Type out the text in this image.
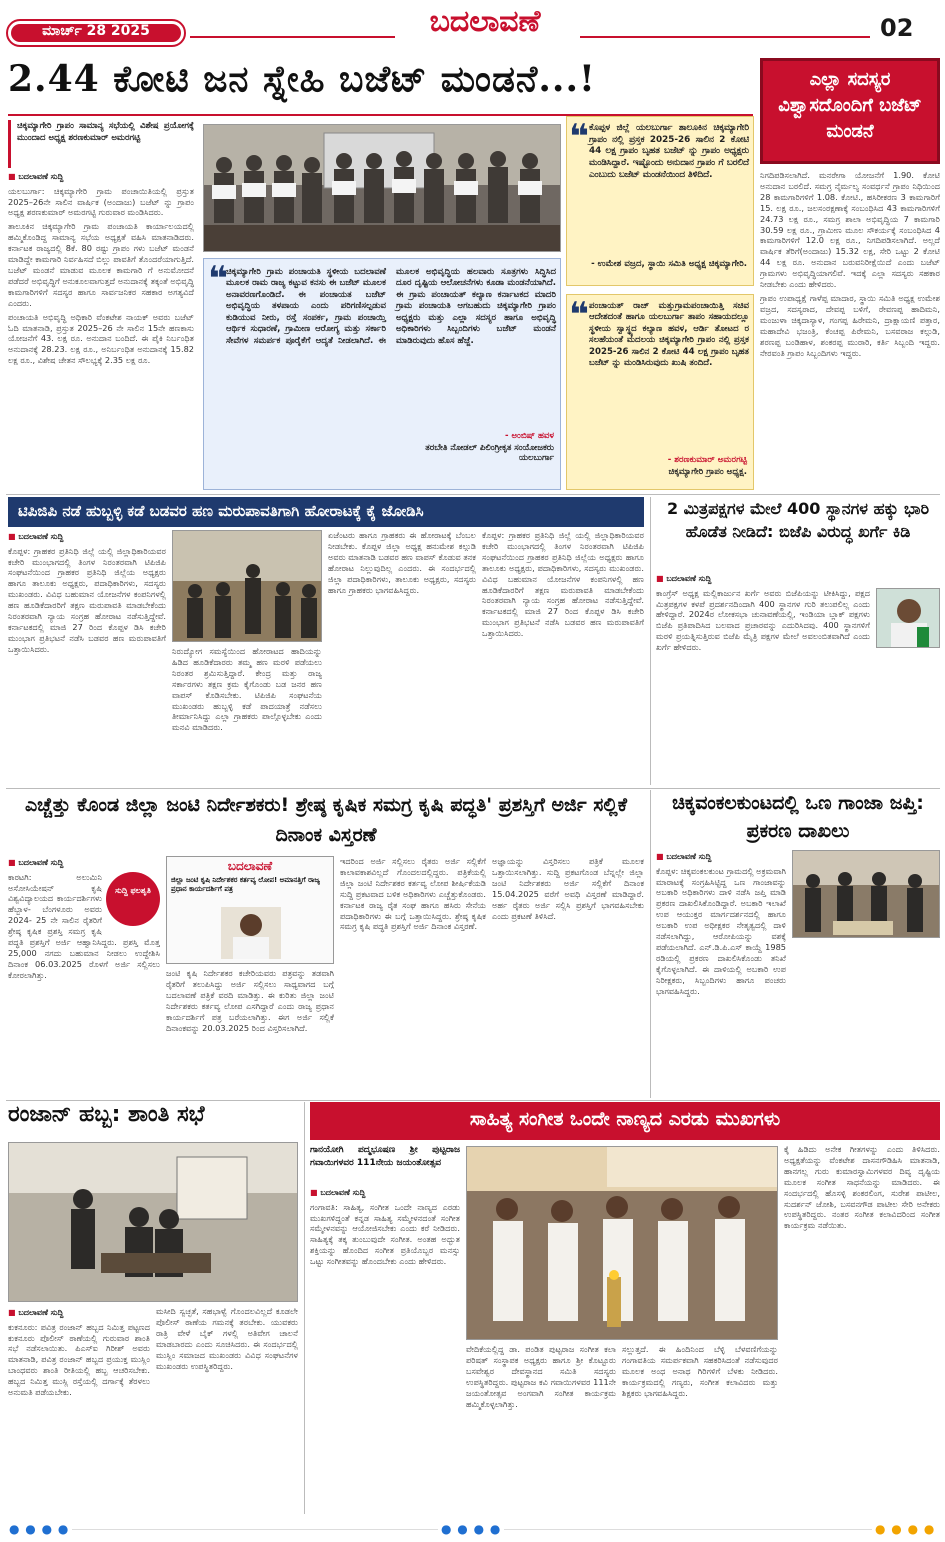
ಮಾರ್ಚ್ 28 2025	ಬದಲಾವಣೆ	02
2.44 ಕೋಟಿ ಜನ ಸ್ನೇಹಿ ಬಜೆಟ್ ಮಂಡನೆ...!	ಎಲ್ಲಾ ಸದಸ್ಯರ ವಿಶ್ವಾಸದೊಂದಿಗೆ ಬಜೆಟ್ ಮಂಡನೆ
ಚಿಕ್ಕಮ್ಯಾಗೇರಿ ಗ್ರಾಪಂ ಸಾಮಾನ್ಯ ಸಭೆಯಲ್ಲಿ ವಿಶೇಷ ಪ್ರಯೋಗಕ್ಕೆ ಮುಂದಾದ ಅಧ್ಯಕ್ಷ ಶರಣಕುಮಾರ್ ಅಮರಗಟ್ಟಿ
■ ಬದಲಾವಣೆ ಸುದ್ದಿ

ಯಲಬುರ್ಗಾ: ಚಿಕ್ಕಮ್ಯಾಗೇರಿ ಗ್ರಾಮ ಪಂಚಾಯಿತಿಯಲ್ಲಿ ಪ್ರಸ್ತುತ 2025–26ನೇ ಸಾಲಿನ ವಾರ್ಷಿಕ (ಅಂದಾಜು) ಬಜೆಟ್ ನ್ನು ಗ್ರಾಪಂ ಅಧ್ಯಕ್ಷ ಶರಣಕುಮಾರ್ ಅಮರಗಟ್ಟಿ ಗುರುವಾರ ಮಂಡಿಸಿದರು.

ತಾಲೂಕಿನ ಚಿಕ್ಕಮ್ಯಾಗೇರಿ ಗ್ರಾಮ ಪಂಚಾಯತಿ ಕಾರ್ಯಾಲಯದಲ್ಲಿ ಹಮ್ಮಿಕೊಂಡಿದ್ದ ಸಾಮಾನ್ಯ ಸಭೆಯ ಅಧ್ಯಕ್ಷತೆ ವಹಿಸಿ ಮಾತನಾಡಿದರು. ಕರ್ನಾಟಕ ರಾಜ್ಯದಲ್ಲಿ 8ಕೆ. 80 ರಷ್ಟು ಗ್ರಾಪಂ ಗಳು ಬಜೆಟ್ ಮಂಡನೆ ಮಾಡಿದ್ದೇ ಕಾಮಗಾರಿ ನಿರ್ವಹಿಸದೆ ಬಿಲ್ಲು ಪಾವತಿಗೆ ತೊಂದರೆಯಾಗುತ್ತಿದೆ. ಬಜೆಟ್ ಮಂಡನೆ ಮಾಡುವ ಮೂಲಕ ಕಾಮಗಾರಿ ಗೆ ಅನುಮೋದನೆ ಪಡೆದರೆ ಅಭಿವೃದ್ಧಿಗೆ ಅನುಕೂಲವಾಗುತ್ತದೆ ಅನುದಾನಕ್ಕೆ ತಕ್ಕಂತೆ ಅಭಿವೃದ್ಧಿ ಕಾಮಗಾರಿಗಳಿಗೆ ಸದಸ್ಯರ ಹಾಗೂ ಸಾರ್ವಜನಿಕರ ಸಹಕಾರ ಅಗತ್ಯವಿದೆ ಎಂದರು.

ಪಂಚಾಯತಿ ಅಭಿವೃದ್ಧಿ ಅಧಿಕಾರಿ ವೆಂಕಟೇಶ ನಾಯಕ್ ಅವರು ಬಜೆಟ್ ಓದಿ ಮಾತನಾಡಿ, ಪ್ರಸ್ತುತ 2025–26 ನೇ ಸಾಲಿನ 15ನೇ ಹಣಕಾಸು ಯೋಜನೆಗೆ 43. ಲಕ್ಷ ರೂ. ಅನುದಾನ ಬಂದಿದೆ. ಈ ಪೈಕಿ ನಿರ್ಬಂಧಿತ ಅನುದಾನಕ್ಕೆ 28.23. ಲಕ್ಷ ರೂ., ಅನಿರ್ಬಂಧಿತ ಅನುದಾನಕ್ಕೆ 15.82 ಲಕ್ಷ ರೂ., ವಿಶೇಷ ಚೇತನ ಸೌಲಭ್ಯಕ್ಕೆ 2.35 ಲಕ್ಷ ರೂ.

❝
ಚಿಕ್ಕಮ್ಯಾಗೇರಿ ಗ್ರಾಮ ಪಂಚಾಯತಿ ಸ್ಥಳೀಯ ಬದಲಾವಣೆ ಮೂಲಕ ರಾಮ ರಾಜ್ಯ ಕಟ್ಟುವ ಕನಸು ಈ ಬಜೆಟ್ ಮೂಲಕ ಅನಾವರಣಗೊಂಡಿದೆ. ಈ ಪಂಚಾಯತ ಬಜೆಟ್ ಅಭಿವೃದ್ಧಿಯ ತಳಪಾಯ ಎಂದು ಪರಿಗಣಿಸಲ್ಪಡುವ ಕುಡಿಯುವ ನೀರು, ರಸ್ತೆ ಸಂಪರ್ಕ, ಗ್ರಾಮ ಪಂಚಾಯ್ತಿ ಆರ್ಥಿಕ ಸುಧಾರಣೆ, ಗ್ರಾಮೀಣ ಆರೋಗ್ಯ ಮತ್ತು ಸರ್ಕಾರಿ ಸೇವೆಗಳ ಸಮರ್ಪಕ ಪೂರೈಕೆಗೆ ಆದ್ಯತೆ ನೀಡಲಾಗಿದೆ. ಈ ಮೂಲಕ ಅಭಿವೃದ್ಧಿಯ ಹಲವಾರು ಸೂತ್ರಗಳು ಸಿದ್ಧಿಸಿದ ದೂರ ದೃಷ್ಟಿಯ ಆಲೋಚನೆಗಳು ಕೂಡಾ ಮಂಡನೆಯಾಗಿದೆ. ಈ ಗ್ರಾಮ ಪಂಚಾಯತ್ ಕಲ್ಯಾಣ ಕರ್ನಾಟಕದ ಮಾದರಿ ಗ್ರಾಮ ಪಂಚಾಯತಿ ಆಗಬಹುದು ಚಿಕ್ಕಮ್ಯಾಗೇರಿ ಗ್ರಾಪಂ ಅಧ್ಯಕ್ಷರು ಮತ್ತು ಎಲ್ಲಾ ಸದಸ್ಯರ ಹಾಗೂ ಅಭಿವೃದ್ಧಿ ಅಧಿಕಾರಿಗಳು ಸಿಬ್ಬಂದಿಗಳು ಬಜೆಟ್ ಮಂಡನೆ ಮಾಡಿರುವುದು ಹೊಸ ಹೆಜ್ಜೆ.
- ಅಂಬಿಷ್ ಹವಳ
ತರಬೇತಿ ನೋಡಲ್ ಪಿಲಿಂಗ್ರೀಕೃತ ಸಂಯೋಜಕರು ಯಲಬುರ್ಗಾ
❝ ಕೊಪ್ಪಳ ಜಿಲ್ಲೆ ಯಲಬುರ್ಗಾ ತಾಲೂಕಿನ ಚಿಕ್ಕಮ್ಯಾಗೇರಿ ಗ್ರಾಪಂ ನಲ್ಲಿ ಪ್ರಸ್ತಕ 2025-26 ಸಾಲಿನ 2 ಕೋಟಿ 44 ಲಕ್ಷ ಗ್ರಾಪಂ ಬೃಹತ ಬಜೆಟ್ ನ್ನು ಗ್ರಾಪಂ ಅಧ್ಯಕ್ಷರು ಮಂಡಿಸಿದ್ದಾರೆ. ಇಷ್ಟೊಂದು ಅನುದಾನ ಗ್ರಾಪಂ ಗೆ ಬರಲಿದೆ ಎಂಬುದು ಬಜೆಟ್ ಮಂಡನೆಯಿಂದ ತಿಳಿದಿದೆ.
- ಉಮೇಶ ವಜ್ರದ, ಸ್ಥಾಯಿ ಸಮಿತಿ ಅಧ್ಯಕ್ಷ ಚಿಕ್ಕಮ್ಯಾಗೇರಿ.
❝ ಪಂಚಾಯತ್ ರಾಜ್ ಮತ್ತುಗ್ರಾಮಪಂಚಾಯಿತ್ತಿ ಸಚಿವ ಆದೇಶದಂತೆ ಹಾಗೂ ಯಲಬುರ್ಗಾ ತಾಪಂ ಸಹಾಯದಲ್ಲೂ ಸ್ಥಳೀಯ ಸ್ವಾಸ್ಥ್ಯದ ಕಲ್ಯಾಣ ಹವಳ, ಆರ್ಡಿ ತೋಟದ ರ ಸಲಹೆಯಂತೆ ಮದಲಯ ಚಿಕ್ಕಮ್ಯಾಗೇರಿ ಗ್ರಾಪಂ ನಲ್ಲಿ ಪ್ರಸ್ತಕ 2025-26 ಸಾಲಿನ 2 ಕೋಟಿ 44 ಲಕ್ಷ ಗ್ರಾಪಂ ಬೃಹತ ಬಜೆಟ್ ನ್ನು ಮಂಡಿಸಿರುವುದು ಖುಷಿ ತಂದಿದೆ.
- ಶರಣಕುಮಾರ್ ಅಮರಗಟ್ಟಿ
ಚಿಕ್ಕಮ್ಯಾಗೇರಿ ಗ್ರಾಪಂ ಅಧ್ಯಕ್ಷ.

ನಿಗದಿಪಡಿಸಲಾಗಿದೆ. ಮನರೇಗಾ ಯೋಜನೆಗೆ 1.90. ಕೋಟಿ ಅನುದಾನ ಬರಲಿದೆ. ಸಮಗ್ರ ನೈರ್ಮಲ್ಯ ಸಂವರ್ಧನೆ ಗ್ರಾಪಂ ನಿಧಿಯಿಂದ 28 ಕಾಮಗಾರಿಗಳಿಗೆ 1.08. ಕೋಟಿ., ಹಸಿರೀಕರಣ 3 ಕಾಮಗಾರಿಗೆ 15. ಲಕ್ಷ ರೂ., ಜಲಸಂರಕ್ಷಣಾಕ್ಕೆ ಸಂಬಂಧಿಸಿದ 43 ಕಾಮಗಾರಿಗಳಿಗೆ 24.73 ಲಕ್ಷ ರೂ., ಸಮಗ್ರ ಶಾಲಾ ಅಭಿವೃದ್ಧಿಯ 7 ಕಾಮಗಾರಿ 30.59 ಲಕ್ಷ ರೂ., ಗ್ರಾಮೀಣ ಮೂಲ ಸೌಕರ್ಯಕ್ಕೆ ಸಂಬಂಧಿಸಿದ 4 ಕಾಮಗಾರಿಗಳಿಗೆ 12.0 ಲಕ್ಷ ರೂ., ನಿಗದಿಪಡಿಸಲಾಗಿದೆ. ಅಲ್ಲದೆ ವಾರ್ಷಿಕ ತೆರಿಗೆ(ಅಂದಾಜು) 15.32 ಲಕ್ಷ, ಸೇರಿ ಒಟ್ಟು 2 ಕೋಟಿ 44 ಲಕ್ಷ ರೂ. ಅನುದಾನ ಬರುವನಿರೀಕ್ಷೆಯಿದೆ ಎಂದು ಬಜೆಟ್ ಗ್ರಾಮಗಳು ಅಭಿವೃದ್ಧಿಯಾಗಲಿವೆ. ಇದಕ್ಕೆ ಎಲ್ಲಾ ಸದಸ್ಯರು ಸಹಕಾರ ನೀಡಬೇಕು ಎಂದು ಹೇಳಿದರು.

ಗ್ರಾಪಂ ಉಪಾಧ್ಯಕ್ಷೆ ಗಾಳೆಪ್ಪ ಮಾದಾರ, ಸ್ಥಾಯಿ ಸಮಿತಿ ಅಧ್ಯಕ್ಷ ಉಮೇಶ ವಜ್ರದ, ಸದಸ್ಯರಾದ, ದೇವಪ್ಪ ಬಳಿಗೆ, ರೇವಣಪ್ಪ ಹಾದಿಮನಿ, ಮಂಜುಳಾ ಚಿಕ್ಕದಾಸ್ಯಾಳ, ಗಂಗಪ್ಪ ಹಿರೇಮನಿ, ದ್ರಾಕ್ಷಾಯಣಿ ಪತ್ತಾರ, ಮಹಾದೇವಿ ಭಜಂತ್ರಿ, ಕೆಂಚಪ್ಪ ಪಿರೇಮನಿ, ಬಸವರಾಜ ಕಲ್ಗುಡಿ, ಶರಣಪ್ಪ ಬಂಡಿಹಾಳ, ಶಂಕರಪ್ಪ ಮುರಾರಿ, ಕರ್ತಿ ಸಿಬ್ಬಂದಿ ಇದ್ದರು. ನೇರವಂತಿ ಗ್ರಾಪಂ ಸಿಬ್ಬಂದಿಗಳು ಇದ್ದರು.

ಟಿಪಿಜಿಪಿ ನಡೆ ಹುಬ್ಬಳ್ಳಿ ಕಡೆ ಬಡವರ ಹಣ ಮರುಪಾವತಿಗಾಗಿ ಹೋರಾಟಕ್ಕೆ ಕೈ ಜೋಡಿಸಿ
■ ಬದಲಾವಣೆ ಸುದ್ದಿ

ಕೊಪ್ಪಳ: ಗ್ರಾಹಕರ ಪ್ರತಿನಿಧಿ ಜಿಲ್ಲೆ ಯಲ್ಲಿ ಜಿಲ್ಲಾಧಿಕಾರಿಯವರ ಕಚೇರಿ ಮುಂಭಾಗದಲ್ಲಿ ತಿಂಗಳ ನಿರಂತರವಾಗಿ ಟಿಪಿಜಿಪಿ ಸಂಘಟನೆಯಿಂದ ಗ್ರಾಹಕರ ಪ್ರತಿನಿಧಿ ಜಿಲ್ಲೆಯ ಅಧ್ಯಕ್ಷರು ಹಾಗೂ ತಾಲೂಕು ಅಧ್ಯಕ್ಷರು, ಪದಾಧಿಕಾರಿಗಳು, ಸದಸ್ಯರು ಮುಖಂಡರು. ವಿವಿಧ ಬಹುಮಾನ ಯೋಜನೆಗಳ ಕಂಪನಿಗಳಲ್ಲಿ ಹಣ ಹೂಡಿಕೆದಾರರಿಗೆ ತಕ್ಷಣ ಮರುಪಾವತಿ ಮಾಡಬೇಕೆಂದು ನಿರಂತರವಾಗಿ ನ್ಯಾಯ ಸಂಗ್ರಹ ಹೋರಾಟ ನಡೆಸುತ್ತಿದ್ದೇವೆ. ಕರ್ನಾಟಕದಲ್ಲಿ ಮಾಜಿ 27 ರಿಂದ ಕೊಪ್ಪಳ ಡಿಸಿ ಕಚೇರಿ ಮುಂಭಾಗ ಪ್ರತಿಭಟನೆ ನಡೆಸಿ ಬಡವರ ಹಣ ಮರುಪಾವತಿಗೆ ಒತ್ತಾಯಿಸಿದರು.	ನಿರುದ್ಯೋಗ ಸಮಸ್ಯೆಯಿಂದ ಹೋರಾಟದ ಹಾದಿಯನ್ನು ಹಿಡಿದ ಹೂಡಿಕೆದಾರರು ತಮ್ಮ ಹಣ ಮರಳಿ ಪಡೆಯಲು ನಿರಂತರ ಶ್ರಮಿಸುತ್ತಿದ್ದಾರೆ. ಕೇಂದ್ರ ಮತ್ತು ರಾಜ್ಯ ಸರ್ಕಾರಗಳು ತಕ್ಷಣ ಕ್ರಮ ಕೈಗೊಂಡು ಬಡ ಜನರ ಹಣ ವಾಪಸ್ ಕೊಡಿಸಬೇಕು. ಟಿಪಿಜಿಪಿ ಸಂಘಟನೆಯ ಮುಖಂಡರು ಹುಬ್ಬಳ್ಳಿ ಕಡೆ ಪಾದಯಾತ್ರೆ ನಡೆಸಲು ತೀರ್ಮಾನಿಸಿದ್ದು ಎಲ್ಲಾ ಗ್ರಾಹಕರು ಪಾಲ್ಗೊಳ್ಳಬೇಕು ಎಂದು ಮನವಿ ಮಾಡಿದರು.

ಏಜೆಂಟರು ಹಾಗೂ ಗ್ರಾಹಕರು ಈ ಹೋರಾಟಕ್ಕೆ ಬೆಂಬಲ ನೀಡಬೇಕು. ಕೊಪ್ಪಳ ಜಿಲ್ಲಾ ಅಧ್ಯಕ್ಷ ಹನುಮೇಶ ಕಲ್ಗುಡಿ ಅವರು ಮಾತನಾಡಿ ಬಡವರ ಹಣ ವಾಪಸ್ ಕೊಡುವ ತನಕ ಹೋರಾಟ ನಿಲ್ಲುವುದಿಲ್ಲ ಎಂದರು. ಈ ಸಂದರ್ಭದಲ್ಲಿ ಜಿಲ್ಲಾ ಪದಾಧಿಕಾರಿಗಳು, ತಾಲೂಕು ಅಧ್ಯಕ್ಷರು, ಸದಸ್ಯರು ಹಾಗೂ ಗ್ರಾಹಕರು ಭಾಗವಹಿಸಿದ್ದರು.

ಕೊಪ್ಪಳ: ಗ್ರಾಹಕರ ಪ್ರತಿನಿಧಿ ಜಿಲ್ಲೆ ಯಲ್ಲಿ ಜಿಲ್ಲಾಧಿಕಾರಿಯವರ ಕಚೇರಿ ಮುಂಭಾಗದಲ್ಲಿ ತಿಂಗಳ ನಿರಂತರವಾಗಿ ಟಿಪಿಜಿಪಿ ಸಂಘಟನೆಯಿಂದ ಗ್ರಾಹಕರ ಪ್ರತಿನಿಧಿ ಜಿಲ್ಲೆಯ ಅಧ್ಯಕ್ಷರು ಹಾಗೂ ತಾಲೂಕು ಅಧ್ಯಕ್ಷರು, ಪದಾಧಿಕಾರಿಗಳು, ಸದಸ್ಯರು ಮುಖಂಡರು. ವಿವಿಧ ಬಹುಮಾನ ಯೋಜನೆಗಳ ಕಂಪನಿಗಳಲ್ಲಿ ಹಣ ಹೂಡಿಕೆದಾರರಿಗೆ ತಕ್ಷಣ ಮರುಪಾವತಿ ಮಾಡಬೇಕೆಂದು ನಿರಂತರವಾಗಿ ನ್ಯಾಯ ಸಂಗ್ರಹ ಹೋರಾಟ ನಡೆಸುತ್ತಿದ್ದೇವೆ. ಕರ್ನಾಟಕದಲ್ಲಿ ಮಾಜಿ 27 ರಿಂದ ಕೊಪ್ಪಳ ಡಿಸಿ ಕಚೇರಿ ಮುಂಭಾಗ ಪ್ರತಿಭಟನೆ ನಡೆಸಿ ಬಡವರ ಹಣ ಮರುಪಾವತಿಗೆ ಒತ್ತಾಯಿಸಿದರು.

2 ಮಿತ್ರಪಕ್ಷಗಳ ಮೇಲೆ 400 ಸ್ಥಾನಗಳ ಹಕ್ಕು ಭಾರಿ ಹೊಡೆತ ನೀಡಿದೆ: ಬಿಜೆಪಿ ವಿರುದ್ಧ ಖರ್ಗೆ ಕಿಡಿ
■ ಬದಲಾವಣೆ ಸುದ್ದಿ
ಕಾಂಗ್ರೆಸ್ ಅಧ್ಯಕ್ಷ ಮಲ್ಲಿಕಾರ್ಜುನ ಖರ್ಗೆ ಅವರು ಬಿಜೆಪಿಯನ್ನು ಟೀಕಿಸಿದ್ದು, ಪಕ್ಷದ ಮಿತ್ರಪಕ್ಷಗಳ ಕಳಪೆ ಪ್ರದರ್ಶನದಿಂದಾಗಿ 400 ಸ್ಥಾನಗಳ ಗುರಿ ತಲುಪಲಿಲ್ಲ ಎಂದು ಹೇಳಿದ್ದಾರೆ. 2024ರ ಲೋಕಸಭಾ ಚುನಾವಣೆಯಲ್ಲಿ, ಇಂಡಿಯಾ ಬ್ಲಾಕ್ ಪಕ್ಷಗಳು ಬಿಜೆಪಿ ಪ್ರತಿಪಾದಿಸಿದ ಬಲವಾದ ಪ್ರಚಾರವನ್ನು ಎದುರಿಸಿದವು. 400 ಸ್ಥಾನಗಳಿಗೆ ಮರಳಿ ಪ್ರಯತ್ನಿಸುತ್ತಿರುವ ಬಿಜೆಪಿ ಮೈತ್ರಿ ಪಕ್ಷಗಳ ಮೇಲೆ ಅವಲಂಬಿತವಾಗಿದೆ ಎಂದು ಖರ್ಗೆ ಹೇಳಿದರು.
ಎಚ್ಚೆತ್ತು ಕೊಂಡ ಜಿಲ್ಲಾ ಜಂಟಿ ನಿರ್ದೇಶಕರು! ಶ್ರೇಷ್ಠ ಕೃಷಿಕ ಸಮಗ್ರ ಕೃಷಿ ಪದ್ಧತಿ' ಪ್ರಶಸ್ತಿಗೆ ಅರ್ಜಿ ಸಲ್ಲಿಕೆ ದಿನಾಂಕ ವಿಸ್ತರಣೆ
■ ಬದಲಾವಣೆ ಸುದ್ದಿ
ಸುದ್ದಿ ಫಲಶೃತಿ

ಕಾರಟಗಿ: ಅಲುಮಿನಿ ಅಸೋಸಿಯೇಷನ್ ಕೃಷಿ ವಿಶ್ವವಿದ್ಯಾಲಯದ ಕಾರ್ಯದರ್ಶಿಗಳು ಹೆಬ್ಬಾಳ- ಬೆಂಗಳೂರು ಅವರು 2024- 25 ನೇ ಸಾಲಿನ ರೈತರಿಗೆ ಶ್ರೇಷ್ಠ ಕೃಷಿಕ ಪ್ರಶಸ್ತಿ ಸಮಗ್ರ ಕೃಷಿ ಪದ್ಧತಿ ಪ್ರಶಸ್ತಿಗೆ ಅರ್ಜಿ ಆಹ್ವಾನಿಸಿದ್ದರು. ಪ್ರಶಸ್ತಿ ಮೊತ್ತ 25,000 ನಗದು ಬಹುಮಾನ ನೀಡಲು ಉದ್ದೇಶಿಸಿ ದಿನಾಂಕ 06.03.2025 ರೊಳಗೆ ಅರ್ಜಿ ಸಲ್ಲಿಸಲು ಕೋರಲಾಗಿತ್ತು.

ಬದಲಾವಣೆ
ಜಿಲ್ಲಾ ಜಂಟಿ ಕೃಷಿ ನಿರ್ದೇಶಕರ ಕರ್ತವ್ಯ ಲೋಪ! ಅಮಾನತ್ತಿಗೆ ರಾಜ್ಯ ಪ್ರಧಾನ ಕಾರ್ಯದರ್ಶಿಗೆ ಪತ್ರ

ಜಂಟಿ ಕೃಷಿ ನಿರ್ದೇಶಕರ ಕಚೇರಿಯವರು ಪತ್ರವನ್ನು ತಡವಾಗಿ ರೈತರಿಗೆ ತಲುಪಿಸಿದ್ದು ಅರ್ಜಿ ಸಲ್ಲಿಸಲು ಸಾಧ್ಯವಾಗದ ಬಗ್ಗೆ ಬದಲಾವಣೆ ಪತ್ರಿಕೆ ವರದಿ ಮಾಡಿತ್ತು. ಈ ಕುರಿತು ಜಿಲ್ಲಾ ಜಂಟಿ ನಿರ್ದೇಶಕರು ಕರ್ತವ್ಯ ಲೋಪ ಎಸಗಿದ್ದಾರೆ ಎಂದು ರಾಜ್ಯ ಪ್ರಧಾನ ಕಾರ್ಯದರ್ಶಿಗೆ ಪತ್ರ ಬರೆಯಲಾಗಿತ್ತು. ಈಗ ಅರ್ಜಿ ಸಲ್ಲಿಕೆ ದಿನಾಂಕವನ್ನು 20.03.2025 ರಿಂದ ವಿಸ್ತರಿಸಲಾಗಿದೆ.

ಇದರಿಂದ ಅರ್ಜಿ ಸಲ್ಲಿಸಲು ರೈತರು ಅರ್ಜಿ ಸಲ್ಲಿಕೆಗೆ ಕಾಲಾವಕಾಶವಿಲ್ಲದೆ ಗೊಂದಲದಲ್ಲಿದ್ದರು. ಪತ್ರಿಕೆಯಲ್ಲಿ ಜಿಲ್ಲಾ ಜಂಟಿ ನಿರ್ದೇಶಕರ ಕರ್ತವ್ಯ ಲೋಪ ಶೀರ್ಷಿಕೆಯಡಿ ಸುದ್ದಿ ಪ್ರಕಟವಾದ ಬಳಿಕ ಅಧಿಕಾರಿಗಳು ಎಚ್ಚೆತ್ತುಕೊಂಡರು. ಕರ್ನಾಟಕ ರಾಜ್ಯ ರೈತ ಸಂಘ ಹಾಗೂ ಹಸಿರು ಸೇನೆಯ ಪದಾಧಿಕಾರಿಗಳು ಈ ಬಗ್ಗೆ ಒತ್ತಾಯಿಸಿದ್ದರು. ಶ್ರೇಷ್ಠ ಕೃಷಿಕ ಸಮಗ್ರ ಕೃಷಿ ಪದ್ಧತಿ ಪ್ರಶಸ್ತಿಗೆ ಅರ್ಜಿ ದಿನಾಂಕ ವಿಸ್ತರಣೆ.

ಅಜ್ಞಾಯನ್ನು ವಿಸ್ತರಿಸಲು ಪತ್ರಿಕೆ ಮೂಲಕ ಒತ್ತಾಯಿಸಲಾಗಿತ್ತು. ಸುದ್ದಿ ಪ್ರಕಟಗೊಂಡ ಬೆನ್ನಲ್ಲೇ ಜಿಲ್ಲಾ ಜಂಟಿ ನಿರ್ದೇಶಕರು ಅರ್ಜಿ ಸಲ್ಲಿಕೆಗೆ ದಿನಾಂಕ 15.04.2025 ವರೆಗೆ ಅವಧಿ ವಿಸ್ತರಣೆ ಮಾಡಿದ್ದಾರೆ. ಅರ್ಹ ರೈತರು ಅರ್ಜಿ ಸಲ್ಲಿಸಿ ಪ್ರಶಸ್ತಿಗೆ ಭಾಗವಹಿಸಬೇಕು ಎಂದು ಪ್ರಕಟಣೆ ತಿಳಿಸಿದೆ.

ಚಿಕ್ಕವಂಕಲಕುಂಟದಲ್ಲಿ ಒಣ ಗಾಂಜಾ ಜಪ್ತಿ: ಪ್ರಕರಣ ದಾಖಲು
■ ಬದಲಾವಣೆ ಸುದ್ದಿ
ಕೊಪ್ಪಳ: ಚಿಕ್ಕವಂಕಲಕುಂಟ ಗ್ರಾಮದಲ್ಲಿ ಅಕ್ರಮವಾಗಿ ಮಾರಾಟಕ್ಕೆ ಸಂಗ್ರಹಿಸಿಟ್ಟಿದ್ದ ಒಣ ಗಾಂಜಾವನ್ನು ಅಬಕಾರಿ ಅಧಿಕಾರಿಗಳು ದಾಳಿ ನಡೆಸಿ ಜಪ್ತಿ ಮಾಡಿ ಪ್ರಕರಣ ದಾಖಲಿಸಿಕೊಂಡಿದ್ದಾರೆ. ಅಬಕಾರಿ ಇಲಾಖೆ ಉಪ ಆಯುಕ್ತರ ಮಾರ್ಗದರ್ಶನದಲ್ಲಿ ಹಾಗೂ ಅಬಕಾರಿ ಉಪ ಅಧೀಕ್ಷಕರ ನೇತೃತ್ವದಲ್ಲಿ ದಾಳಿ ನಡೆಸಲಾಗಿದ್ದು, ಆರೋಪಿಯನ್ನು ವಶಕ್ಕೆ ಪಡೆಯಲಾಗಿದೆ. ಎನ್.ಡಿ.ಪಿ.ಎಸ್ ಕಾಯ್ದೆ 1985 ರಡಿಯಲ್ಲಿ ಪ್ರಕರಣ ದಾಖಲಿಸಿಕೊಂಡು ತನಿಖೆ ಕೈಗೊಳ್ಳಲಾಗಿದೆ. ಈ ದಾಳಿಯಲ್ಲಿ ಅಬಕಾರಿ ಉಪ ನಿರೀಕ್ಷಕರು, ಸಿಬ್ಬಂದಿಗಳು ಹಾಗೂ ಪಂಚರು ಭಾಗವಹಿಸಿದ್ದರು.
ರಂಜಾನ್ ಹಬ್ಬ: ಶಾಂತಿ ಸಭೆ
■ ಬದಲಾವಣೆ ಸುದ್ದಿ

ಕುಕನೂರು: ಪವಿತ್ರ ರಂಜಾನ್ ಹಬ್ಬದ ನಿಮಿತ್ತ ಪಟ್ಟಣದ ಕುಕನೂರು ಪೊಲೀಸ್ ಠಾಣೆಯಲ್ಲಿ ಗುರುವಾರ ಶಾಂತಿ ಸಭೆ ನಡೆಸಲಾಯಿತು. ಪಿಎಸ್ಐ ಗಿರೀಶ್ ಅವರು ಮಾತನಾಡಿ, ಪವಿತ್ರ ರಂಜಾನ್ ಹಬ್ಬದ ಪ್ರಯುಕ್ತ ಮುಸ್ಲಿಂ ಬಾಂಧವರು ಶಾಂತಿ ರೀತಿಯಲ್ಲಿ ಹಬ್ಬ ಆಚರಿಸಬೇಕು. ಹಬ್ಬದ ನಿಮಿತ್ತ ಮುಸ್ಲಿ ರಸ್ತೆಯಲ್ಲಿ ದರ್ಗಾಕ್ಕೆ ತೆರಳಲು ಅನುಮತಿ ಪಡೆಯಬೇಕು.

ಮಸೀದಿ ಸ್ವಚ್ಛತೆ, ಸಹಭಾಳ್ವೆ ಗೊಂದಲವಿಲ್ಲದೆ ಕೂಡಲೇ ಪೊಲೀಸ್ ಠಾಣೆಯ ಗಮನಕ್ಕೆ ತರಬೇಕು. ಯುವಕರು ರಾತ್ರಿ ವೇಳೆ ಬೈಕ್ ಗಳಲ್ಲಿ ಅತಿವೇಗ ಚಾಲನೆ ಮಾಡಬಾರದು ಎಂದು ಸೂಚಿಸಿದರು. ಈ ಸಂದರ್ಭದಲ್ಲಿ ಮುಸ್ಲಿಂ ಸಮಾಜದ ಮುಖಂಡರು ವಿವಿಧ ಸಂಘಟನೆಗಳ ಮುಖಂಡರು ಉಪಸ್ಥಿತರಿದ್ದರು.

ಸಾಹಿತ್ಯ ಸಂಗೀತ ಒಂದೇ ನಾಣ್ಯದ ಎರಡು ಮುಖಗಳು
ಗಾನಯೋಗಿ ಪದ್ಮಭೂಷಣ ಶ್ರೀ ಪುಟ್ಟರಾಜ ಗವಾಯಿಗಳವರ 111ನೇಯ ಜಯಂತೋತ್ಸವ
■ ಬದಲಾವಣೆ ಸುದ್ದಿ

ಗಂಗಾವತಿ: ಸಾಹಿತ್ಯ, ಸಂಗೀತ ಒಂದೇ ನಾಣ್ಯದ ಎರಡು ಮುಖಗಳಿದ್ದಂತೆ ಕನ್ನಡ ಸಾಹಿತ್ಯ ಸಮ್ಮೇಳನದಂತೆ ಸಂಗೀತ ಸಮ್ಮೇಳನವನ್ನು ಆಯೋಜಿಸಬೇಕು ಎಂದು ಕರೆ ನೀಡಿದರು. ಸಾಹಿತ್ಯಕ್ಕೆ ತಕ್ಕ ತುಂಬುವುದೇ ಸಂಗೀತ. ಅಂತಹ ಅದ್ಭುತ ಶಕ್ತಿಯನ್ನು ಹೊಂದಿದ ಸಂಗೀತ ಪ್ರತಿಯೊಬ್ಬರ ಮನಸ್ಸು ಒಟ್ಟು ಸಂಗೀತವನ್ನು ಹೊಂದಬೇಕು ಎಂದು ಹೇಳಿದರು.

ವೇದಿಕೆಯಲ್ಲಿದ್ದ ಡಾ. ಪಂಡಿತ ಪುಟ್ಟರಾಜ ಸಂಗೀತ ಕಲಾ ಪರಿಷತ್ ಸಂಸ್ಥಾಪಕ ಅಧ್ಯಕ್ಷರು ಹಾಗೂ ಶ್ರೀ ಕೊಟ್ಟೂರು ಬಸವೇಶ್ವರ ದೇವಸ್ಥಾನದ ಸಮಿತಿ ಸದಸ್ಯರು ಉಪಸ್ಥಿತರಿದ್ದರು. ಪುಟ್ಟರಾಜ ಕವಿ ಗವಾಯಿಗಳವರ 111ನೇ ಜಯಂತೋತ್ಸವ ಅಂಗವಾಗಿ ಸಂಗೀತ ಕಾರ್ಯಕ್ರಮ ಹಮ್ಮಿಕೊಳ್ಳಲಾಗಿತ್ತು.

ಸಲ್ಲುತ್ತದೆ. ಈ ಹಿಂದಿನಿಂದ ಬೆಳ್ಳಿ ಬೆಳವಣಿಗೆಯನ್ನು ಗಂಗಾವತಿಯ ಸಮರ್ಪಕವಾಗಿ ಸಹಕರಿಸಿದಂತೆ ನಡೆಸುವುದರ ಮೂಲಕ ಅಂಧ ಅನಾಥ ಗಿರಿಗಳಿಗೆ ಬೆಳಕು ನೀಡಿದರು. ಕಾರ್ಯಕ್ರಮದಲ್ಲಿ ಗಣ್ಯರು, ಸಂಗೀತ ಕಲಾವಿದರು ಮತ್ತು ಶಿಕ್ಷಕರು ಭಾಗವಹಿಸಿದ್ದರು.

ಕೈ ಹಿಡಿದು ಅನೇಕ ಗೀತಗಳನ್ನು ಎಂದು ತಿಳಿಸಿದರು. ಅಧ್ಯಕ್ಷತೆಯನ್ನು ವೆಂಕಟೇಶ ದಾಸನಗೌಡಿಹಿಸಿ ಮಾತನಾಡಿ, ಹಾನಗಲ್ಲ ಗುರು ಕುಮಾರಸ್ವಾಮಿಗಳವರ ದಿವ್ಯ ದೃಷ್ಟಿಯ ಮೂಲಕ ಸಂಗೀತ ಸಾಧನೆಯನ್ನು ಮಾಡಿದರು. ಈ ಸಂದರ್ಭದಲ್ಲಿ ಹೊಸಳ್ಳಿ ಶಂಕರಲಿಂಗ, ಸುರೇಶ ಪಾಟೀಲ, ಸುದರ್ಶನ್ ಜೋಶಿ, ಬಸವನಗೌಡ ಪಾಟೀಲ ಸೇರಿ ಅನೇಕರು ಉಪಸ್ಥಿತರಿದ್ದರು. ನಂತರ ಸಂಗೀತ ಕಲಾವಿದರಿಂದ ಸಂಗೀತ ಕಾರ್ಯಕ್ರಮ ನಡೆಯಿತು.

● ● ● ●	● ● ● ●	● ● ● ●
